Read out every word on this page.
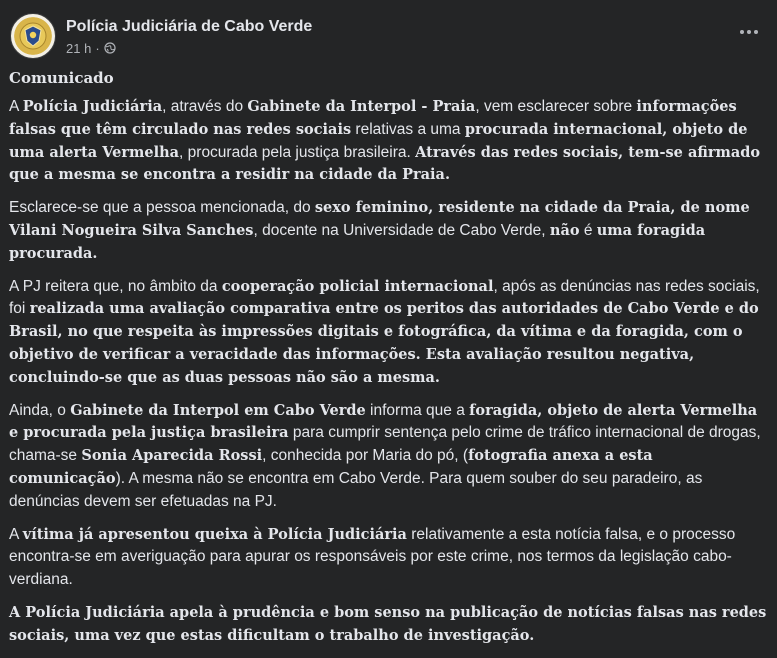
Polícia Judiciária de Cabo Verde
21 h ·
Comunicado

A Polícia Judiciária, através do Gabinete da Interpol - Praia, vem esclarecer sobre informações falsas que têm circulado nas redes sociais relativas a uma procurada internacional, objeto de uma alerta Vermelha, procurada pela justiça brasileira. Através das redes sociais, tem-se afirmado que a mesma se encontra a residir na cidade da Praia.

Esclarece-se que a pessoa mencionada, do sexo feminino, residente na cidade da Praia, de nome Vilani Nogueira Silva Sanches, docente na Universidade de Cabo Verde, não é uma foragida procurada.

A PJ reitera que, no âmbito da cooperação policial internacional, após as denúncias nas redes sociais, foi realizada uma avaliação comparativa entre os peritos das autoridades de Cabo Verde e do Brasil, no que respeita às impressões digitais e fotográfica, da vítima e da foragida, com o objetivo de verificar a veracidade das informações. Esta avaliação resultou negativa, concluindo-se que as duas pessoas não são a mesma.

Ainda, o Gabinete da Interpol em Cabo Verde informa que a foragida, objeto de alerta Vermelha e procurada pela justiça brasileira para cumprir sentença pelo crime de tráfico internacional de drogas, chama-se Sonia Aparecida Rossi, conhecida por Maria do pó, (fotografia anexa a esta comunicação). A mesma não se encontra em Cabo Verde. Para quem souber do seu paradeiro, as denúncias devem ser efetuadas na PJ.

A vítima já apresentou queixa à Polícia Judiciária relativamente a esta notícia falsa, e o processo encontra-se em averiguação para apurar os responsáveis por este crime, nos termos da legislação cabo-verdiana.

A Polícia Judiciária apela à prudência e bom senso na publicação de notícias falsas nas redes sociais, uma vez que estas dificultam o trabalho de investigação.
